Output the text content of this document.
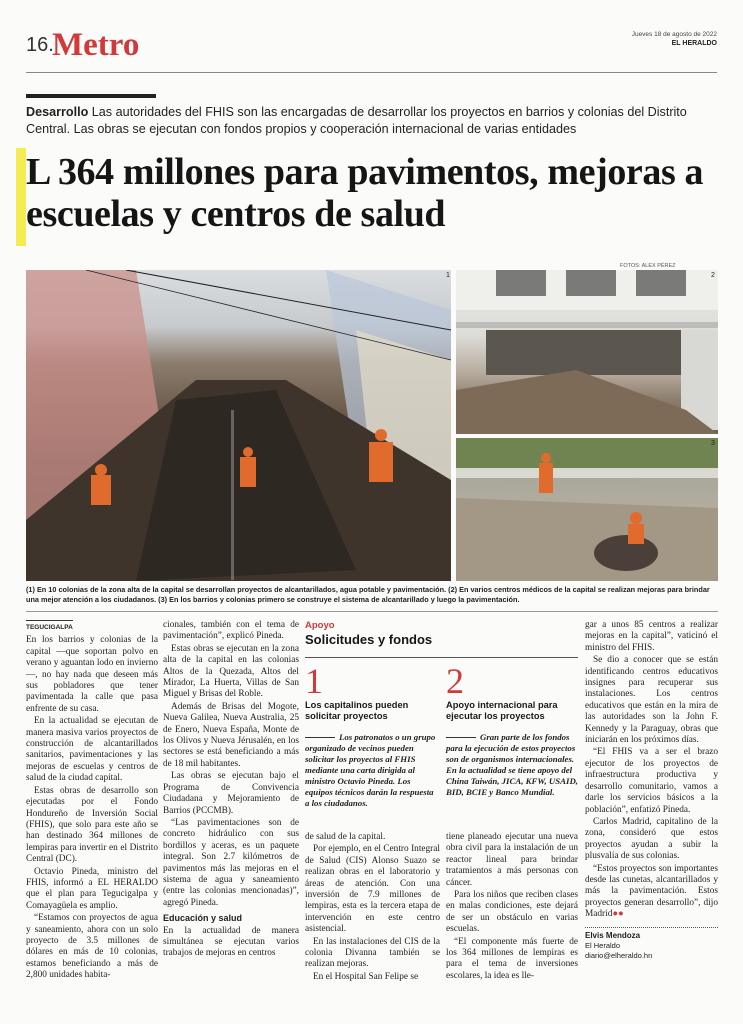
16.
Metro	Jueves 18 de agosto de 2022
EL HERALDO
Desarrollo Las autoridades del FHIS son las encargadas de desarrollar los proyectos en barrios y colonias del Distrito Central. Las obras se ejecutan con fondos propios y cooperación internacional de varias entidades
L 364 millones para pavimentos, mejoras a escuelas y centros de salud
FOTOS: ALEX PÉREZ
1	2
3
(1) En 10 colonias de la zona alta de la capital se desarrollan proyectos de alcantarillados, agua potable y pavimentación. (2) En varios centros médicos de la capital se realizan mejoras para brindar una mejor atención a los ciudadanos. (3) En los barrios y colonias primero se construye el sistema de alcantarillado y luego la pavimentación.
TEGUCIGALPA

En los barrios y colonias de la capital —que soportan polvo en verano y aguantan lodo en invierno—, no hay nada que deseen más sus pobladores que tener pavimentada la calle que pasa enfrente de su casa.

En la actualidad se ejecutan de manera masiva varios proyectos de construcción de alcantarillados sanitarios, pavimentaciones y las mejoras de escuelas y centros de salud de la ciudad capital.

Estas obras de desarrollo son ejecutadas por el Fondo Hondureño de Inversión Social (FHIS), que solo para este año se han destinado 364 millones de lempiras para invertir en el Distrito Central (DC).

Octavio Pineda, ministro del FHIS, informó a EL HERALDO que el plan para Tegucigalpa y Comayagüela es amplio.

“Estamos con proyectos de agua y saneamiento, ahora con un solo proyecto de 3.5 millones de dólares en más de 10 colonias, estamos beneficiando a más de 2,800 unidades habita-

cionales, también con el tema de pavimentación”, explicó Pineda.

Estas obras se ejecutan en la zona alta de la capital en las colonias Altos de la Quezada, Altos del Mirador, La Huerta, Villas de San Miguel y Brisas del Roble.

Además de Brisas del Mogote, Nueva Galilea, Nueva Australia, 25 de Enero, Nueva España, Monte de los Olivos y Nueva Jérusalén, en los sectores se está beneficiando a más de 18 mil habitantes.

Las obras se ejecutan bajo el Programa de Convivencia Ciudadana y Mejoramiento de Barrios (PCCMB).

“Las pavimentaciones son de concreto hidráulico con sus bordillos y aceras, es un paquete integral. Son 2.7 kilómetros de pavimentos más las mejoras en el sistema de agua y saneamiento (entre las colonias mencionadas)”, agregó Pineda.

Educación y salud

En la actualidad de manera simultánea se ejecutan varios trabajos de mejoras en centros

Apoyo
Solicitudes y fondos
1
Los capitalinos pueden solicitar proyectos
Los patronatos o un grupo organizado de vecinos pueden solicitar los proyectos al FHIS mediante una carta dirigida al ministro Octavio Pineda. Los equipos técnicos darán la respuesta a los ciudadanos.
2
Apoyo internacional para ejecutar los proyectos
Gran parte de los fondos para la ejecución de estos proyectos son de organismos internacionales. En la actualidad se tiene apoyo del China Taiwán, JICA, KFW, USAID, BID, BCIE y Banco Mundial.

de salud de la capital.

Por ejemplo, en el Centro Integral de Salud (CIS) Alonso Suazo se realizan obras en el laboratorio y áreas de atención. Con una inversión de 7.9 millones de lempiras, esta es la tercera etapa de intervención en este centro asistencial.

En las instalaciones del CIS de la colonia Divanna también se realizan mejoras.

En el Hospital San Felipe se

tiene planeado ejecutar una nueva obra civil para la instalación de un reactor lineal para brindar tratamientos a más personas con cáncer.

Para los niños que reciben clases en malas condiciones, este dejará de ser un obstáculo en varias escuelas.

“El componente más fuerte de los 364 millones de lempiras es para el tema de inversiones escolares, la idea es lle-

gar a unos 85 centros a realizar mejoras en la capital”, vaticinó el ministro del FHIS.

Se dio a conocer que se están identificando centros educativos insignes para recuperar sus instalaciones. Los centros educativos que están en la mira de las autoridades son la John F. Kennedy y la Paraguay, obras que iniciarán en los próximos días.

“El FHIS va a ser el brazo ejecutor de los proyectos de infraestructura productiva y desarrollo comunitario, vamos a darle los servicios básicos a la población”, enfatizó Pineda.

Carlos Madrid, capitalino de la zona, consideró que estos proyectos ayudan a subir la plusvalía de sus colonias.

“Estos proyectos son importantes desde las cunetas, alcantarillados y más la pavimentación. Estos proyectos generan desarrollo”, dijo Madrid●●

Elvis Mendoza
El Heraldo
diario@elheraldo.hn
